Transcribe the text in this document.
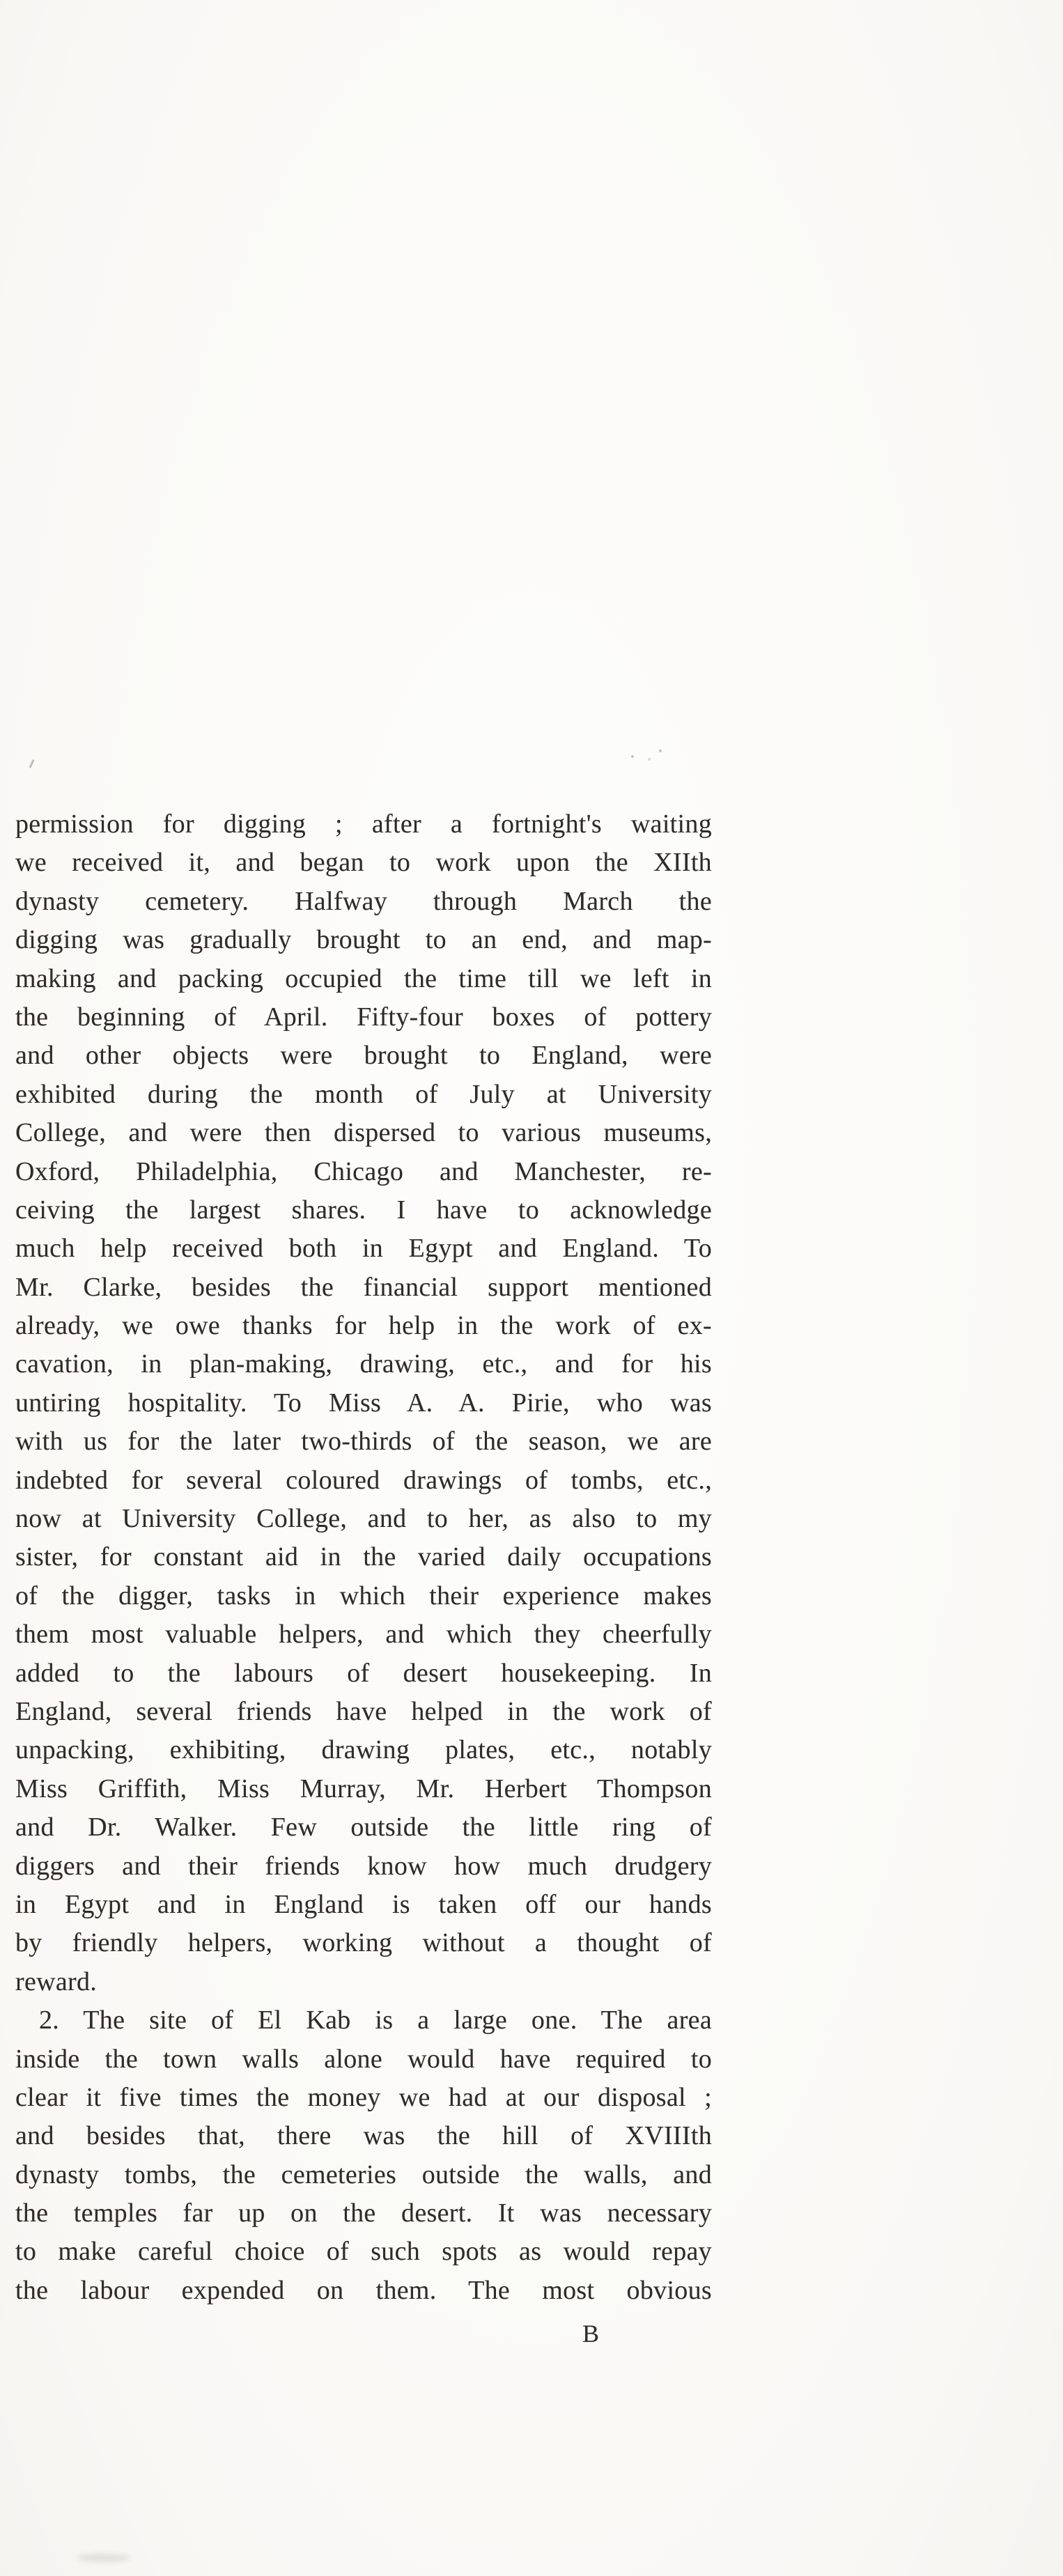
permission for digging ; after a fortnight's waiting
we received it, and began to work upon the XIIth
dynasty cemetery. Halfway through March the
digging was gradually brought to an end, and map-
making and packing occupied the time till we left in
the beginning of April. Fifty-four boxes of pottery
and other objects were brought to England, were
exhibited during the month of July at University
College, and were then dispersed to various museums,
Oxford, Philadelphia, Chicago and Manchester, re-
ceiving the largest shares. I have to acknowledge
much help received both in Egypt and England. To
Mr. Clarke, besides the financial support mentioned
already, we owe thanks for help in the work of ex-
cavation, in plan-making, drawing, etc., and for his
untiring hospitality. To Miss A. A. Pirie, who was
with us for the later two-thirds of the season, we are
indebted for several coloured drawings of tombs, etc.,
now at University College, and to her, as also to my
sister, for constant aid in the varied daily occupations
of the digger, tasks in which their experience makes
them most valuable helpers, and which they cheerfully
added to the labours of desert housekeeping. In
England, several friends have helped in the work of
unpacking, exhibiting, drawing plates, etc., notably
Miss Griffith, Miss Murray, Mr. Herbert Thompson
and Dr. Walker. Few outside the little ring of
diggers and their friends know how much drudgery
in Egypt and in England is taken off our hands
by friendly helpers, working without a thought of
reward.
2. The site of El Kab is a large one. The area
inside the town walls alone would have required to
clear it five times the money we had at our disposal ;
and besides that, there was the hill of XVIIIth
dynasty tombs, the cemeteries outside the walls, and
the temples far up on the desert. It was necessary
to make careful choice of such spots as would repay
the labour expended on them. The most obvious
B
